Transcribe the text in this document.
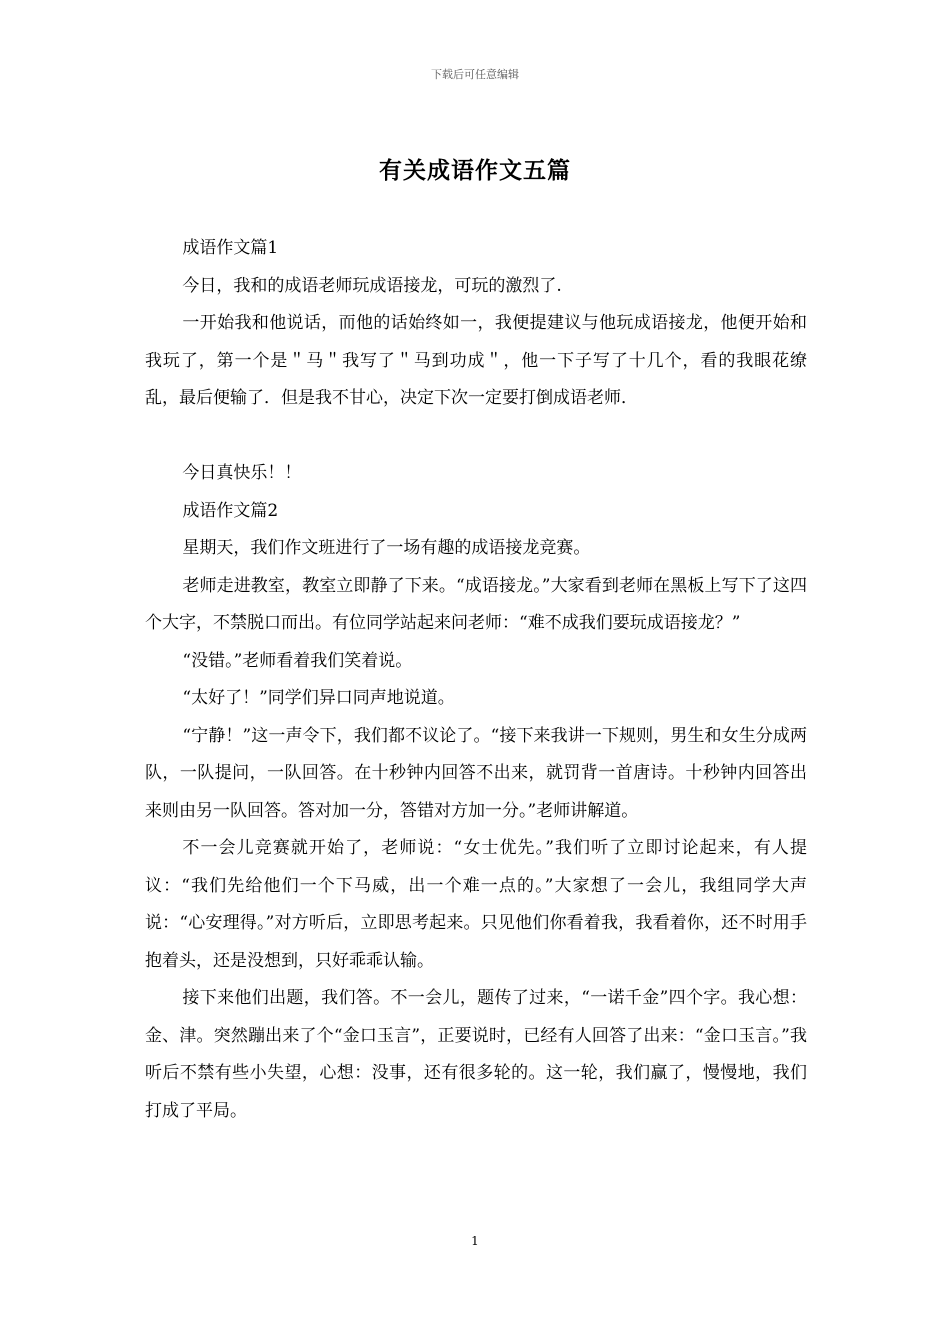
下载后可任意编辑
有关成语作文五篇

成语作文篇1

今日，我和的成语老师玩成语接龙，可玩的激烈了.

一开始我和他说话，而他的话始终如一，我便提建议与他玩成语接龙，他便开始和我玩了，第一个是＂马＂我写了＂马到功成＂，他一下子写了十几个，看的我眼花缭乱，最后便输了．但是我不甘心，决定下次一定要打倒成语老师．

今日真快乐！！

成语作文篇2

星期天，我们作文班进行了一场有趣的成语接龙竞赛。

老师走进教室，教室立即静了下来。“成语接龙。”大家看到老师在黑板上写下了这四个大字，不禁脱口而出。有位同学站起来问老师：“难不成我们要玩成语接龙？”

“没错。”老师看着我们笑着说。

“太好了！”同学们异口同声地说道。

“宁静！”这一声令下，我们都不议论了。“接下来我讲一下规则，男生和女生分成两队，一队提问，一队回答。在十秒钟内回答不出来，就罚背一首唐诗。十秒钟内回答出来则由另一队回答。答对加一分，答错对方加一分。”老师讲解道。

不一会儿竞赛就开始了，老师说：“女士优先。”我们听了立即讨论起来，有人提议：“我们先给他们一个下马威，出一个难一点的。”大家想了一会儿，我组同学大声说：“心安理得。”对方听后，立即思考起来。只见他们你看着我，我看着你，还不时用手抱着头，还是没想到，只好乖乖认输。

接下来他们出题，我们答。不一会儿，题传了过来，“一诺千金”四个字。我心想：金、津。突然蹦出来了个“金口玉言”，正要说时，已经有人回答了出来：“金口玉言。”我听后不禁有些小失望，心想：没事，还有很多轮的。这一轮，我们赢了，慢慢地，我们打成了平局。

1
